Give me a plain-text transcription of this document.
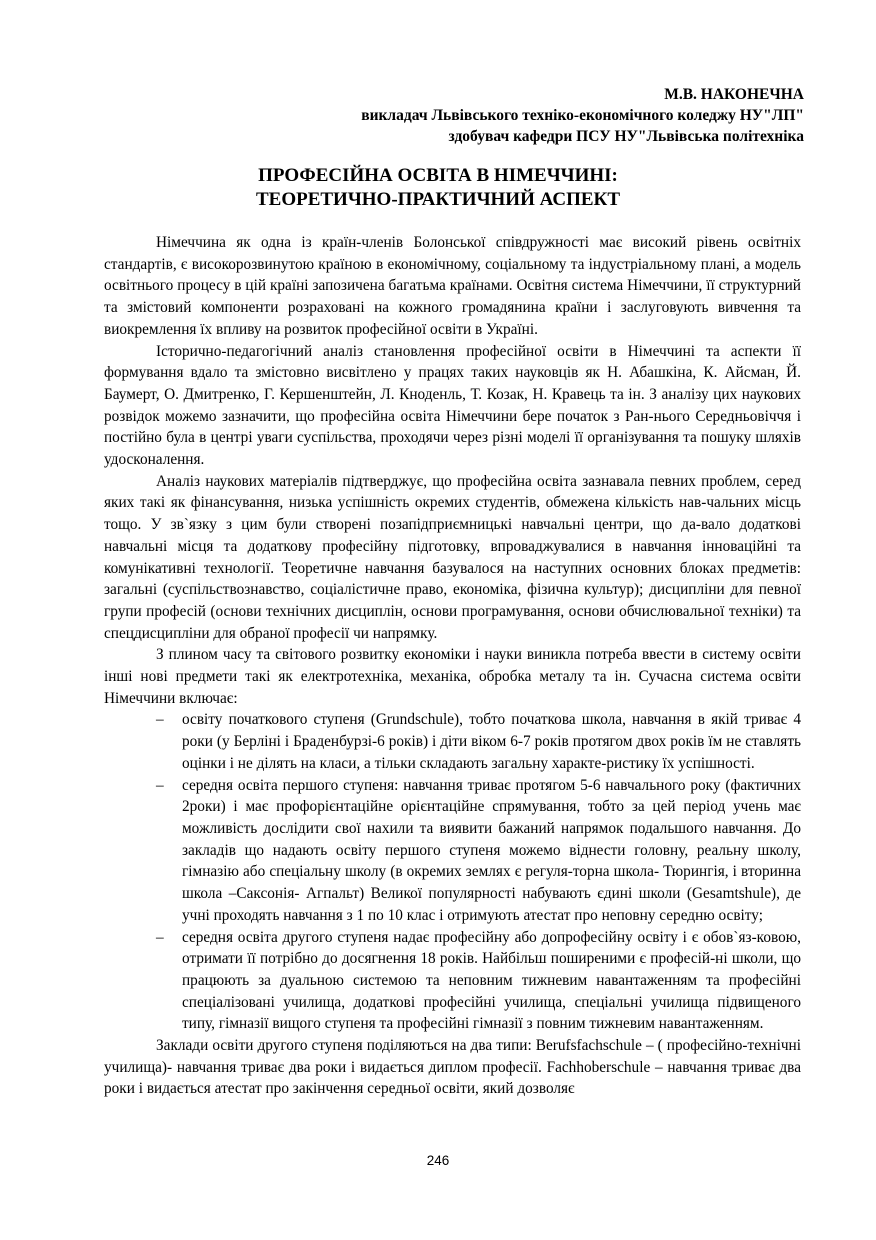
М.В. НАКОНЕЧНА
викладач Львівського техніко-економічного коледжу НУ"ЛП"
здобувач кафедри ПСУ НУ"Львівська політехніка
ПРОФЕСІЙНА ОСВІТА В НІМЕЧЧИНІ:
ТЕОРЕТИЧНО-ПРАКТИЧНИЙ АСПЕКТ

Німеччина як одна із країн-членів Болонської співдружності має високий рівень освітніх стандартів, є високорозвинутою країною в економічному, соціальному та індустріальному плані, а модель освітнього процесу в цій країні запозичена багатьма країнами. Освітня система Німеччини, її структурний та змістовий компоненти розраховані на кожного громадянина країни і заслуговують вивчення та виокремлення їх впливу на розвиток професійної освіти в Україні.

Історично-педагогічний аналіз становлення професійної освіти в Німеччині та аспекти її формування вдало та змістовно висвітлено у працях таких науковців як Н. Абашкіна, К. Айсман, Й. Баумерт, О. Дмитренко, Г. Кершенштейн, Л. Кноденль, Т. Козак, Н. Кравець та ін. З аналізу цих наукових розвідок можемо зазначити, що професійна освіта Німеччини бере початок з Ран-нього Середньовіччя і постійно була в центрі уваги суспільства, проходячи через різні моделі її організування та пошуку шляхів удосконалення.

Аналіз наукових матеріалів підтверджує, що професійна освіта зазнавала певних проблем, серед яких такі як фінансування, низька успішність окремих студентів, обмежена кількість нав-чальних місць тощо. У зв`язку з цим були створені позапідприємницькі навчальні центри, що да-вало додаткові навчальні місця та додаткову професійну підготовку, впроваджувалися в навчання інноваційні та комунікативні технології. Теоретичне навчання базувалося на наступних основних блоках предметів: загальні (суспільствознавство, соціалістичне право, економіка, фізична культур); дисципліни для певної групи професій (основи технічних дисциплін, основи програмування, основи обчислювальної техніки) та спецдисципліни для обраної професії чи напрямку.

З плином часу та світового розвитку економіки і науки виникла потреба ввести в систему освіти інші нові предмети такі як електротехніка, механіка, обробка металу та ін. Сучасна система освіти Німеччини включає:

– освіту початкового ступеня (Grundschule), тобто початкова школа, навчання в якій триває 4 роки (у Берліні і Браденбурзі-6 років) і діти віком 6-7 років протягом двох років їм не ставлять оцінки і не ділять на класи, а тільки складають загальну характе-ристику їх успішності.
– середня освіта першого ступеня: навчання триває протягом 5-6 навчального року (фактичних 2роки) і має профорієнтаційне орієнтаційне спрямування, тобто за цей період учень має можливість дослідити свої нахили та виявити бажаний напрямок подальшого навчання. До закладів що надають освіту першого ступеня можемо віднести головну, реальну школу, гімназію або спеціальну школу (в окремих землях є регуля-торна школа- Тюрингія, і вторинна школа –Саксонія- Агпальт) Великої популярності набувають єдині школи (Gesamtshule), де учні проходять навчання з 1 по 10 клас і отримують атестат про неповну середню освіту;
– середня освіта другого ступеня надає професійну або допрофесійну освіту і є обов`яз-ковою, отримати її потрібно до досягнення 18 років. Найбільш поширеними є професій-ні школи, що працюють за дуальною системою та неповним тижневим навантаженням та професійні спеціалізовані училища, додаткові професійні училища, спеціальні училища підвищеного типу, гімназії вищого ступеня та професійні гімназії з повним тижневим навантаженням.

Заклади освіти другого ступеня поділяються на два типи: Berufsfachschule – ( професійно-технічні училища)- навчання триває два роки і видається диплом професії. Fachhoberschule – навчання триває два роки і видається атестат про закінчення середньої освіти, який дозволяє

246
